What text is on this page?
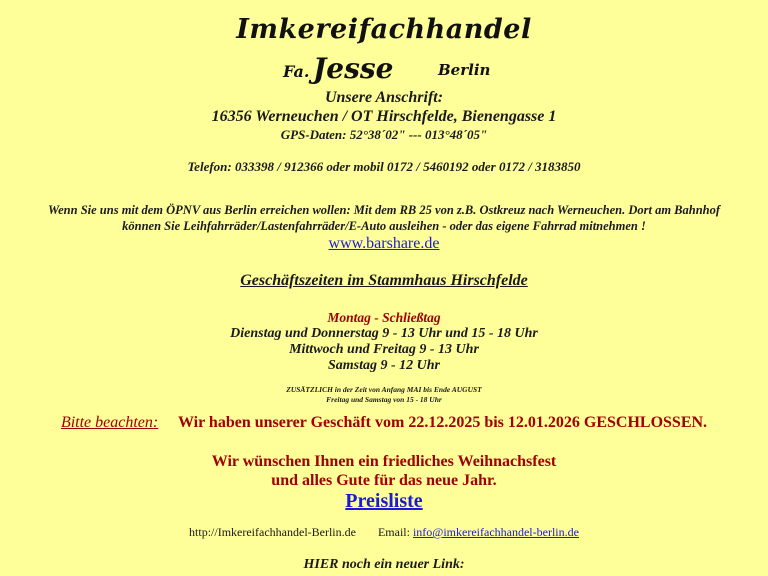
Imkereifachhandel
Fa. Jesse	Berlin
Unsere Anschrift:
16356 Werneuchen / OT Hirschfelde, Bienengasse 1
GPS-Daten: 52°38´02" --- 013°48´05"
Telefon: 033398 / 912366 oder mobil 0172 / 5460192 oder 0172 / 3183850
Wenn Sie uns mit dem ÖPNV aus Berlin erreichen wollen: Mit dem RB 25 von z.B. Ostkreuz nach Werneuchen. Dort am Bahnhof
können Sie Leihfahrräder/Lastenfahrräder/E-Auto ausleihen - oder das eigene Fahrrad mitnehmen !
www.barshare.de
Geschäftszeiten im Stammhaus Hirschfelde
Montag - Schließtag
Dienstag und Donnerstag 9 - 13 Uhr und 15 - 18 Uhr
Mittwoch und Freitag 9 - 13 Uhr
Samstag 9 - 12 Uhr
ZUSÄTZLICH in der Zeit von Anfang MAI bis Ende AUGUST
Freitag und Samstag von 15 - 18 Uhr
Bitte beachten: Wir haben unserer Geschäft vom 22.12.2025 bis 12.01.2026 GESCHLOSSEN.
Wir wünschen Ihnen ein friedliches Weihnachsfest
und alles Gute für das neue Jahr.
Preisliste
http://Imkereifachhandel-Berlin.de Email: info@imkereifachhandel-berlin.de
HIER noch ein neuer Link:
